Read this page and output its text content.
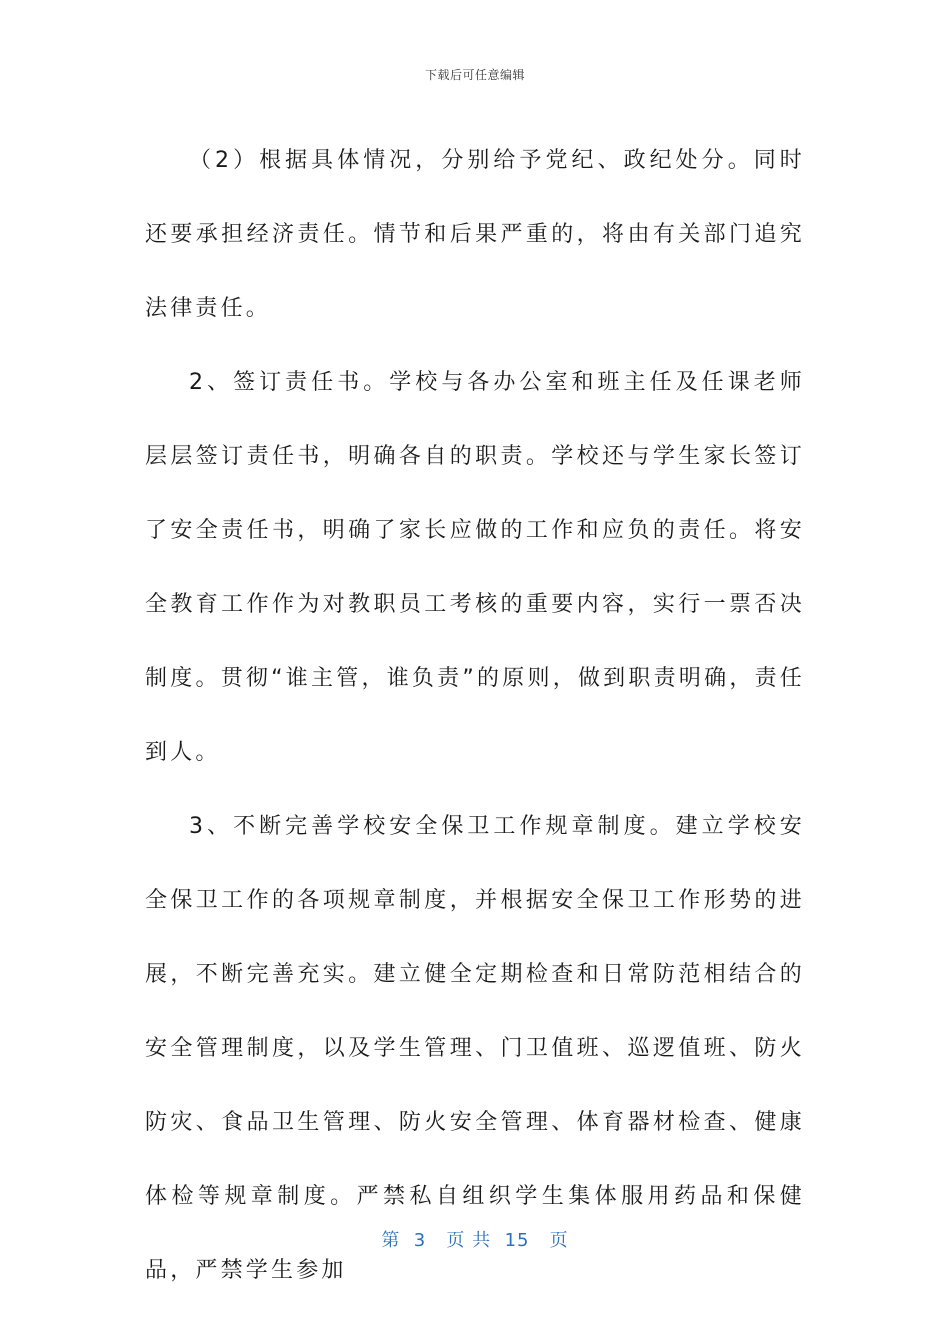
下载后可任意编辑

（2）根据具体情况，分别给予党纪、政纪处分。同时还要承担经济责任。情节和后果严重的，将由有关部门追究法律责任。

2、签订责任书。学校与各办公室和班主任及任课老师层层签订责任书，明确各自的职责。学校还与学生家长签订了安全责任书，明确了家长应做的工作和应负的责任。将安全教育工作作为对教职员工考核的重要内容，实行一票否决制度。贯彻“谁主管，谁负责”的原则，做到职责明确，责任到人。

3、不断完善学校安全保卫工作规章制度。建立学校安全保卫工作的各项规章制度，并根据安全保卫工作形势的进展，不断完善充实。建立健全定期检查和日常防范相结合的安全管理制度，以及学生管理、门卫值班、巡逻值班、防火防灾、食品卫生管理、防火安全管理、体育器材检查、健康体检等规章制度。严禁私自组织学生集体服用药品和保健品，严禁学生参加

第  3   页 共  15   页
